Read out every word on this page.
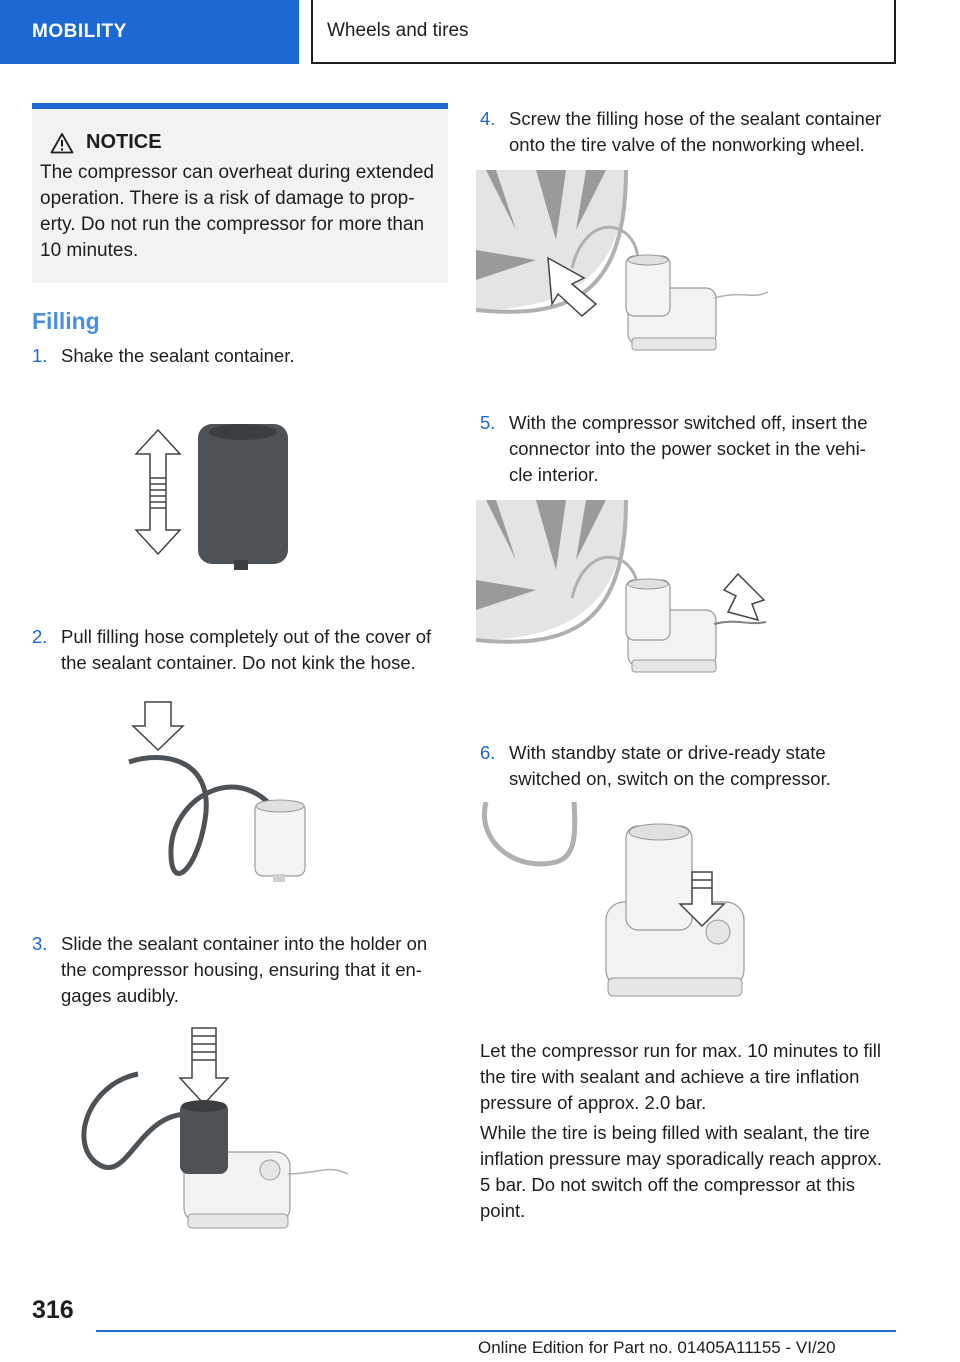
MOBILITY	Wheels and tires
NOTICE
The compressor can overheat during extended
operation. There is a risk of damage to prop‐
erty. Do not run the compressor for more than
10 minutes.
Filling
1. Shake the sealant container.
2. Pull filling hose completely out of the cover of
the sealant container. Do not kink the hose.
3. Slide the sealant container into the holder on
the compressor housing, ensuring that it en‐
gages audibly.
4. Screw the filling hose of the sealant container
onto the tire valve of the nonworking wheel.
5. With the compressor switched off, insert the
connector into the power socket in the vehi‐
cle interior.
6. With standby state or drive-ready state
switched on, switch on the compressor.
Let the compressor run for max. 10 minutes to fill
the tire with sealant and achieve a tire inflation
pressure of approx. 2.0 bar.
While the tire is being filled with sealant, the tire
inflation pressure may sporadically reach approx.
5 bar. Do not switch off the compressor at this
point.
316
Online Edition for Part no. 01405A11155 - VI/20
